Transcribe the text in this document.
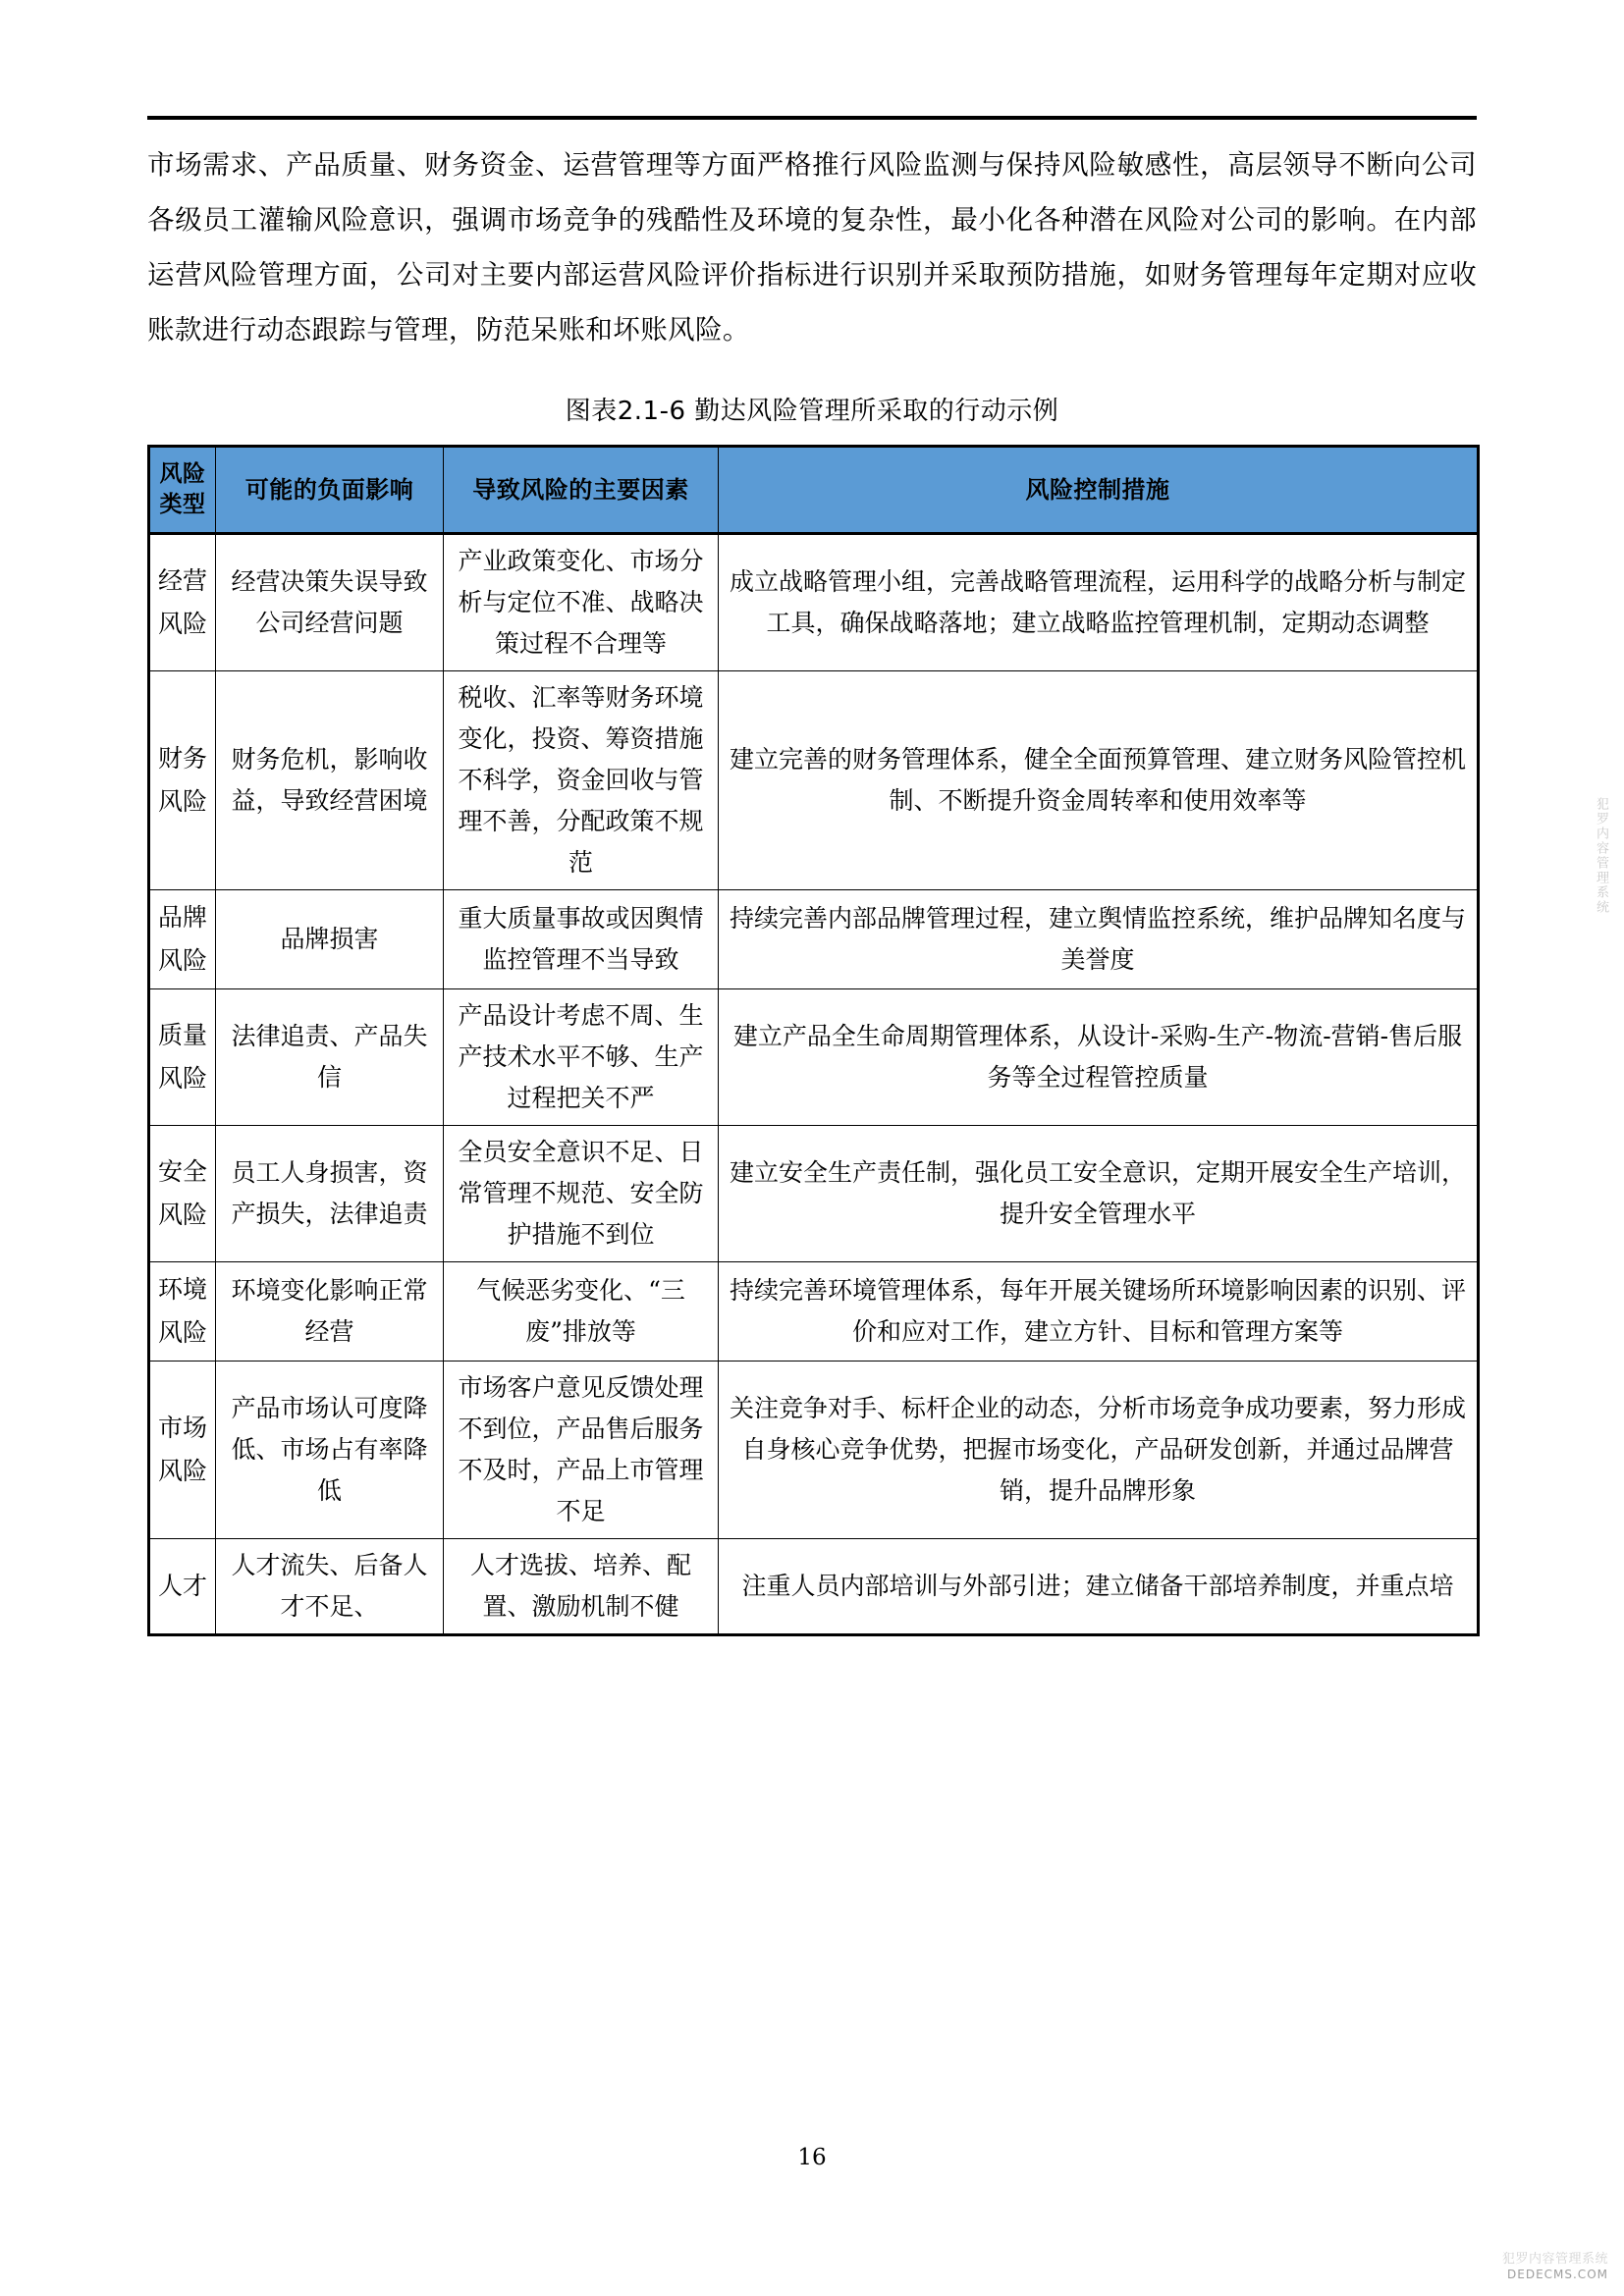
市场需求、产品质量、财务资金、运营管理等方面严格推行风险监测与保持风险敏感性，高层领导不断向公司各级员工灌输风险意识，强调市场竞争的残酷性及环境的复杂性，最小化各种潜在风险对公司的影响。在内部运营风险管理方面，公司对主要内部运营风险评价指标进行识别并采取预防措施，如财务管理每年定期对应收账款进行动态跟踪与管理，防范呆账和坏账风险。

图表2.1-6 勤达风险管理所采取的行动示例
风险类型	可能的负面影响	导致风险的主要因素	风险控制措施
经营风险	经营决策失误导致公司经营问题	产业政策变化、市场分析与定位不准、战略决策过程不合理等	成立战略管理小组，完善战略管理流程，运用科学的战略分析与制定工具，确保战略落地；建立战略监控管理机制，定期动态调整
财务风险	财务危机，影响收益，导致经营困境	税收、汇率等财务环境变化，投资、筹资措施不科学，资金回收与管理不善，分配政策不规范	建立完善的财务管理体系，健全全面预算管理、建立财务风险管控机制、不断提升资金周转率和使用效率等
品牌风险	品牌损害	重大质量事故或因舆情监控管理不当导致	持续完善内部品牌管理过程，建立舆情监控系统，维护品牌知名度与美誉度
质量风险	法律追责、产品失信	产品设计考虑不周、生产技术水平不够、生产过程把关不严	建立产品全生命周期管理体系，从设计-采购-生产-物流-营销-售后服务等全过程管控质量
安全风险	员工人身损害，资产损失，法律追责	全员安全意识不足、日常管理不规范、安全防护措施不到位	建立安全生产责任制，强化员工安全意识，定期开展安全生产培训，提升安全管理水平
环境风险	环境变化影响正常经营	气候恶劣变化、“三废”排放等	持续完善环境管理体系，每年开展关键场所环境影响因素的识别、评价和应对工作，建立方针、目标和管理方案等
市场风险	产品市场认可度降低、市场占有率降低	市场客户意见反馈处理不到位，产品售后服务不及时，产品上市管理不足	关注竞争对手、标杆企业的动态，分析市场竞争成功要素，努力形成自身核心竞争优势，把握市场变化，产品研发创新，并通过品牌营销，提升品牌形象
人才	人才流失、后备人才不足、	人才选拔、培养、配置、激励机制不健	注重人员内部培训与外部引进；建立储备干部培养制度，并重点培
16
犯罗内容管理系统
犯罗内容管理系统
DEDECMS.COM
